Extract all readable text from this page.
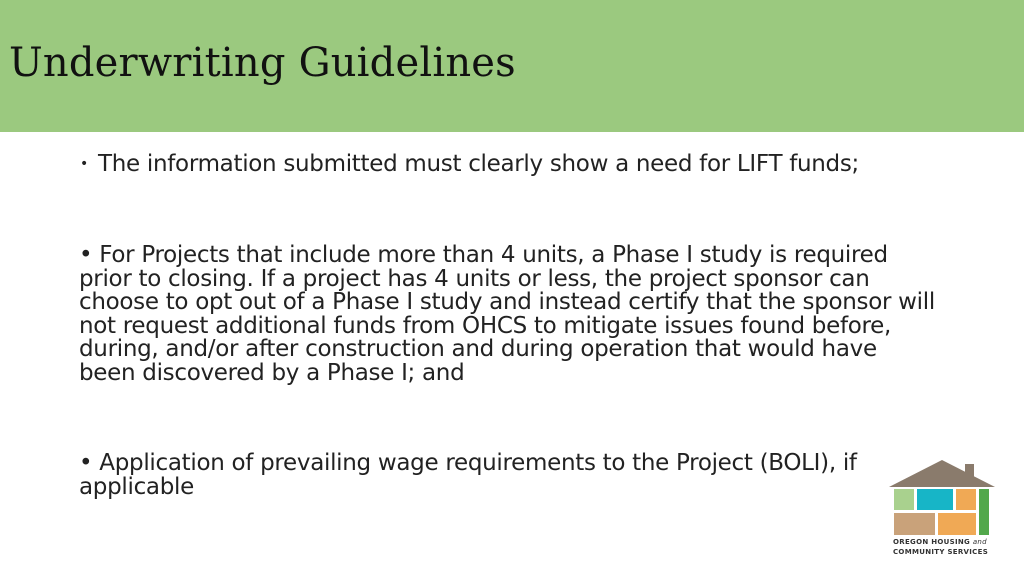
Underwriting Guidelines
• The information submitted must clearly show a need for LIFT funds;
• For Projects that include more than 4 units, a Phase I study is required prior to closing. If a project has 4 units or less, the project sponsor can choose to opt out of a Phase I study and instead certify that the sponsor will not request additional funds from OHCS to mitigate issues found before, during, and/or after construction and during operation that would have been discovered by a Phase I; and
• Application of prevailing wage requirements to the Project (BOLI), if applicable
OREGON HOUSING and
COMMUNITY SERVICES
